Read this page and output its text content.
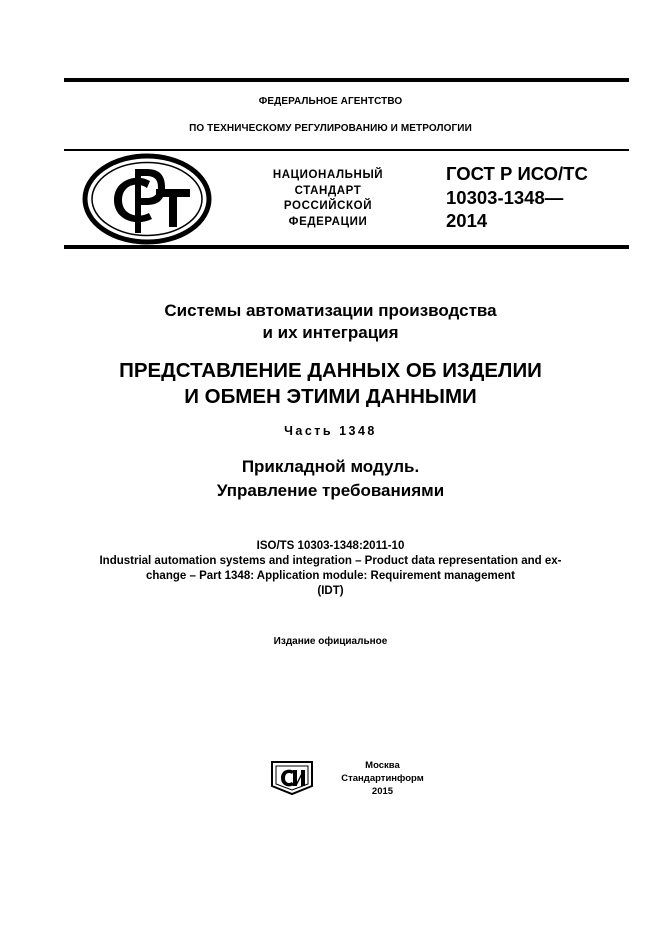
ФЕДЕРАЛЬНОЕ АГЕНТСТВО
ПО ТЕХНИЧЕСКОМУ РЕГУЛИРОВАНИЮ И МЕТРОЛОГИИ
НАЦИОНАЛЬНЫЙ
СТАНДАРТ
РОССИЙСКОЙ
ФЕДЕРАЦИИ
ГОСТ Р ИСО/ТС
10303-1348—
2014
Системы автоматизации производства
и их интеграция
ПРЕДСТАВЛЕНИЕ ДАННЫХ ОБ ИЗДЕЛИИ
И ОБМЕН ЭТИМИ ДАННЫМИ
Часть 1348
Прикладной модуль.
Управление требованиями
ISO/TS 10303-1348:2011-10
Industrial automation systems and integration – Product data representation and ex-
change – Part 1348: Application module: Requirement management
(IDT)
Издание официальное
Москва
Стандартинформ
2015
